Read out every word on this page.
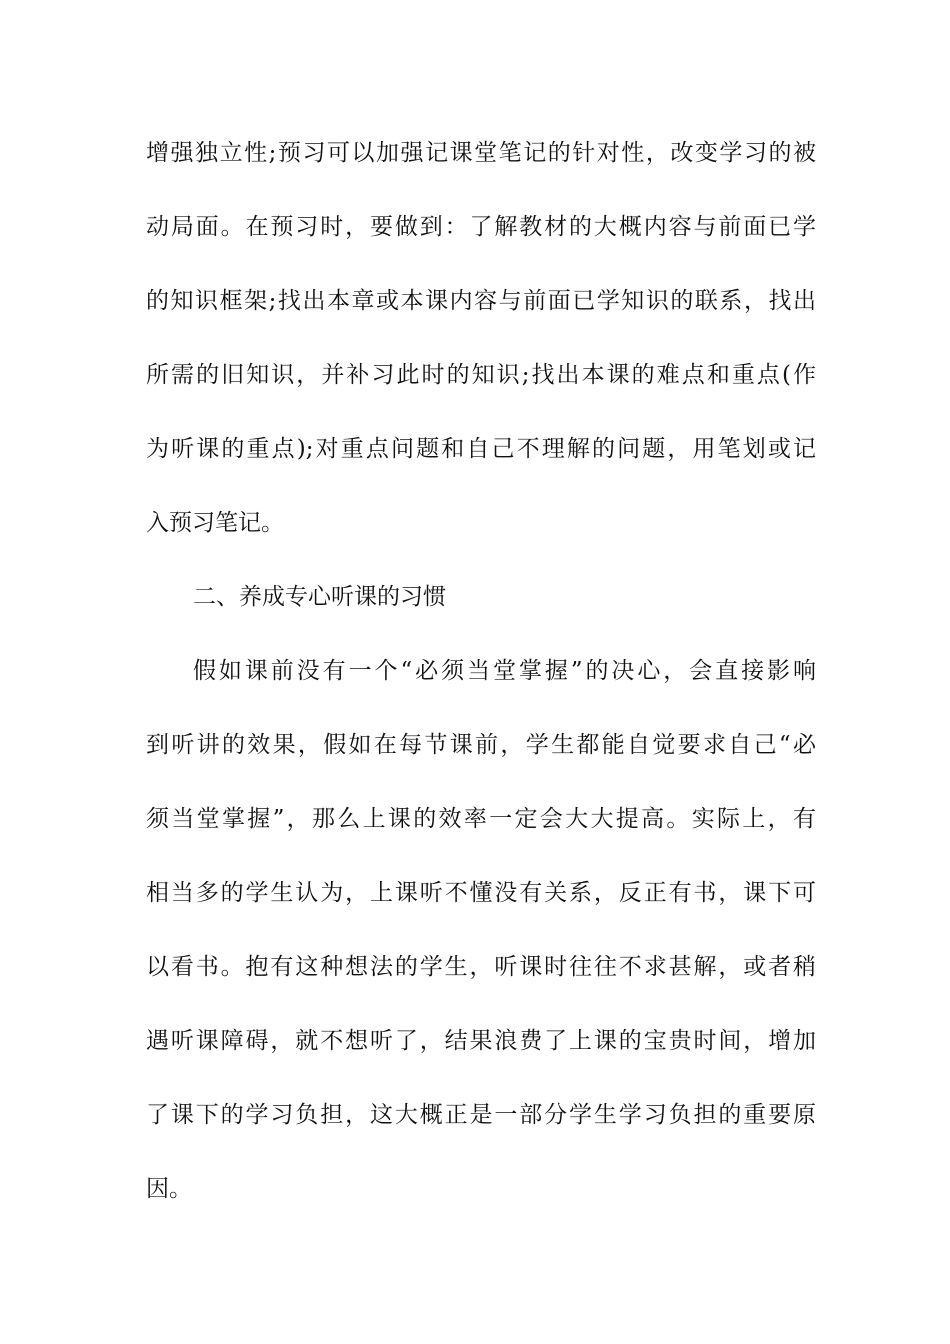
增强独立性;预习可以加强记课堂笔记的针对性，改变学习的被
动局面。在预习时，要做到：了解教材的大概内容与前面已学
的知识框架;找出本章或本课内容与前面已学知识的联系，找出
所需的旧知识，并补习此时的知识;找出本课的难点和重点(作
为听课的重点);对重点问题和自己不理解的问题，用笔划或记
入预习笔记。
二、养成专心听课的习惯
假如课前没有一个“必须当堂掌握”的决心，会直接影响
到听讲的效果，假如在每节课前，学生都能自觉要求自己“必
须当堂掌握”，那么上课的效率一定会大大提高。实际上，有
相当多的学生认为，上课听不懂没有关系，反正有书，课下可
以看书。抱有这种想法的学生，听课时往往不求甚解，或者稍
遇听课障碍，就不想听了，结果浪费了上课的宝贵时间，增加
了课下的学习负担，这大概正是一部分学生学习负担的重要原
因。
